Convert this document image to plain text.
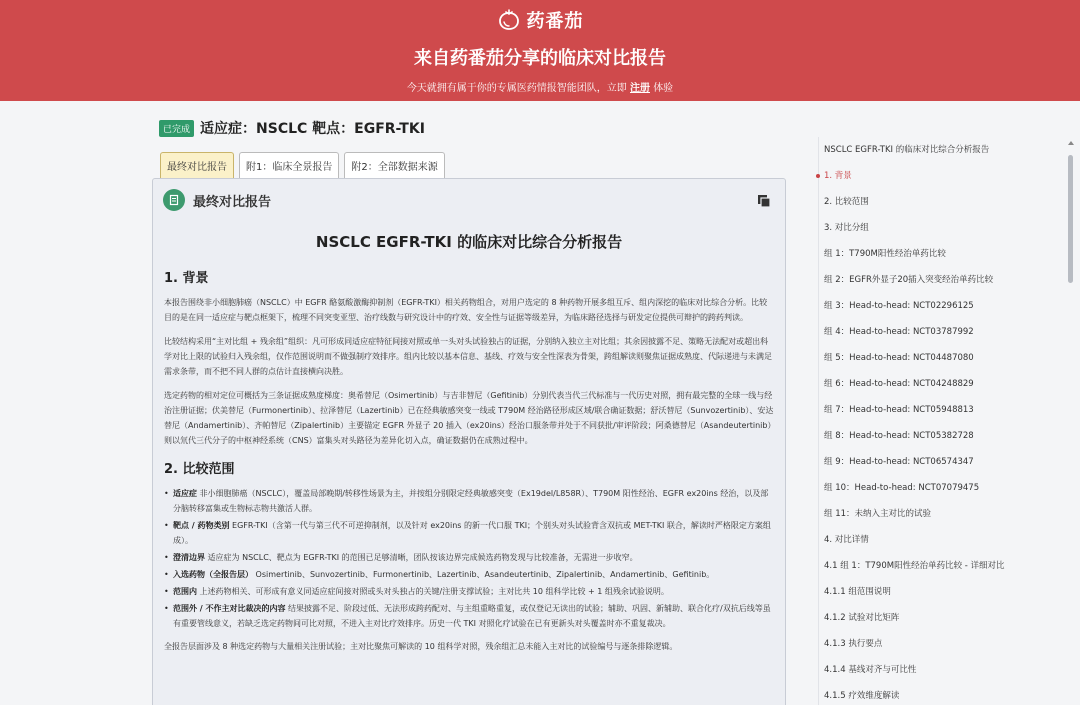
药番茄
来自药番茄分享的临床对比报告
今天就拥有属于你的专属医药情报智能团队，立即 注册 体验
已完成 适应症：NSCLC 靶点：EGFR-TKI
最终对比报告	附1：临床全景报告	附2：全部数据来源
最终对比报告
NSCLC EGFR-TKI 的临床对比综合分析报告
1. 背景

本报告围绕非小细胞肺癌（NSCLC）中 EGFR 酪氨酸激酶抑制剂（EGFR-TKI）相关药物组合，对用户选定的 8 种药物开展多组互斥、组内深挖的临床对比综合分析。比较目的是在同一适应症与靶点框架下，梳理不同突变亚型、治疗线数与研究设计中的疗效、安全性与证据等级差异，为临床路径选择与研发定位提供可辩护的跨药判读。

比较结构采用“主对比组 + 残余组”组织：凡可形成同适应症特征间接对照或单一头对头试验独占的证据，分别纳入独立主对比组；其余因披露不足、策略无法配对或超出科学对比上限的试验归入残余组，仅作范围说明而不做强制疗效排序。组内比较以基本信息、基线、疗效与安全性深表为骨架，跨组解读则聚焦证据成熟度、代际递进与未满足需求条带，而不把不同人群的点估计直接横向决胜。

选定药物的相对定位可概括为三条证据成熟度梯度：奥希替尼（Osimertinib）与吉非替尼（Gefitinib）分别代表当代三代标准与一代历史对照，拥有最完整的全球一线与经治注册证据；伏美替尼（Furmonertinib）、拉泽替尼（Lazertinib）已在经典敏感突变一线或 T790M 经治路径形成区域/联合确证数据；舒沃替尼（Sunvozertinib）、安达替尼（Andamertinib）、齐帕替尼（Zipalertinib）主要锚定 EGFR 外显子 20 插入（ex20ins）经治口服条带并处于不同获批/审评阶段；阿桑德替尼（Asandeutertinib）则以氘代三代分子的中枢神经系统（CNS）富集头对头路径为差异化切入点，确证数据仍在成熟过程中。

2. 比较范围
• 适应症 非小细胞肺癌（NSCLC），覆盖局部晚期/转移性场景为主，并按组分别限定经典敏感突变（Ex19del/L858R）、T790M 阳性经治、EGFR ex20ins 经治，以及部分脑转移富集或生物标志物共激活人群。
• 靶点 / 药物类别 EGFR-TKI（含第一代与第三代不可逆抑制剂，以及针对 ex20ins 的新一代口服 TKI；个别头对头试验背含双抗或 MET-TKI 联合，解读时严格限定方案组成）。
• 澄清边界 适应症为 NSCLC、靶点为 EGFR-TKI 的范围已足够清晰，团队按该边界完成候选药物发现与比较准备，无需进一步收窄。
• 入选药物（全报告层） Osimertinib、Sunvozertinib、Furmonertinib、Lazertinib、Asandeutertinib、Zipalertinib、Andamertinib、Gefitinib。
• 范围内 上述药物相关、可形成有意义同适应症间接对照或头对头独占的关键/注册支撑试验；主对比共 10 组科学比较 + 1 组残余试验说明。
• 范围外 / 不作主对比裁决的内容 结果披露不足、阶段过低、无法形成跨药配对、与主组重略重复，或仅登记无读出的试验；辅助、巩固、新辅助、联合化疗/双抗后线等虽有重要管线意义，若缺乏选定药物间可比对照，不进入主对比疗效排序。历史一代 TKI 对照化疗试验在已有更新头对头覆盖时亦不重复裁决。

全报告层面涉及 8 种选定药物与大量相关注册试验；主对比聚焦可解读的 10 组科学对照，残余组汇总未能入主对比的试验编号与逐条排除逻辑。

NSCLC EGFR-TKI 的临床对比综合分析报告
1. 背景
2. 比较范围
3. 对比分组
组 1：T790M阳性经治单药比较
组 2：EGFR外显子20插入突变经治单药比较
组 3：Head-to-head: NCT02296125
组 4：Head-to-head: NCT03787992
组 5：Head-to-head: NCT04487080
组 6：Head-to-head: NCT04248829
组 7：Head-to-head: NCT05948813
组 8：Head-to-head: NCT05382728
组 9：Head-to-head: NCT06574347
组 10：Head-to-head: NCT07079475
组 11：未纳入主对比的试验
4. 对比详情
4.1 组 1：T790M阳性经治单药比较 - 详细对比
4.1.1 组范围说明
4.1.2 试验对比矩阵
4.1.3 执行要点
4.1.4 基线对齐与可比性
4.1.5 疗效维度解读
